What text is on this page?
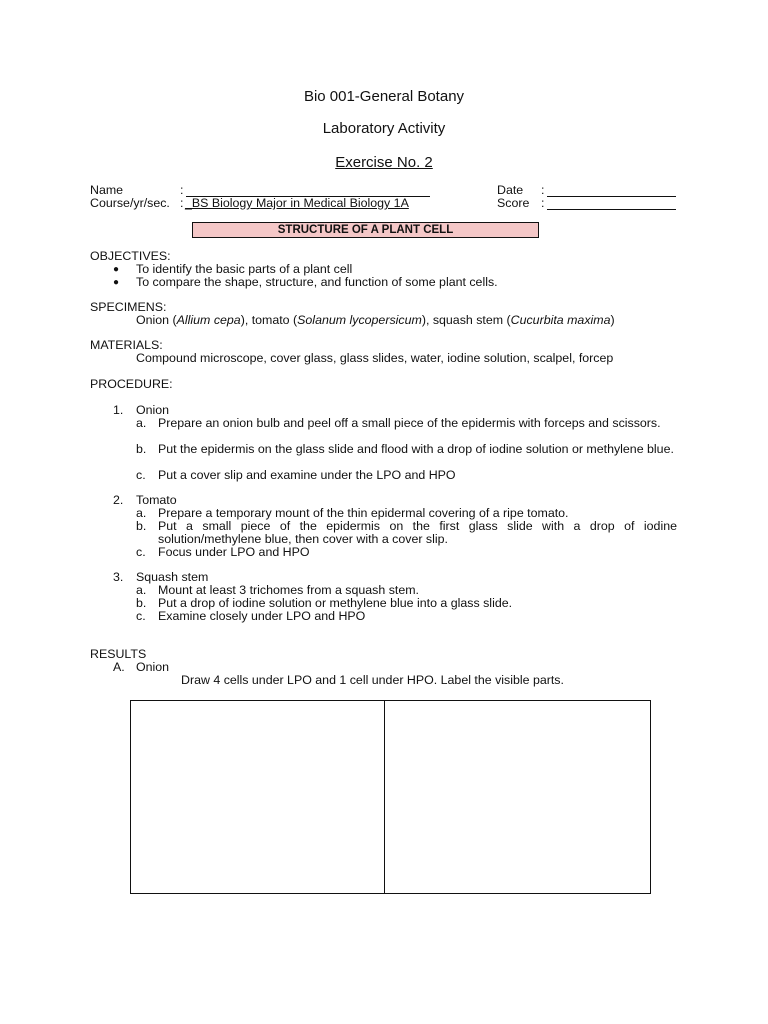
Bio 001-General Botany
Laboratory Activity
Exercise No. 2
Name	:
Course/yr/sec. : _BS Biology Major in Medical Biology 1A
Date :
Score :
STRUCTURE OF A PLANT CELL
OBJECTIVES:
● To identify the basic parts of a plant cell
● To compare the shape, structure, and function of some plant cells.
SPECIMENS:
Onion (Allium cepa), tomato (Solanum lycopersicum), squash stem (Cucurbita maxima)
MATERIALS:
Compound microscope, cover glass, glass slides, water, iodine solution, scalpel, forcep
PROCEDURE:
1. Onion
a. Prepare an onion bulb and peel off a small piece of the epidermis with forceps and scissors.
b. Put the epidermis on the glass slide and flood with a drop of iodine solution or methylene blue.
c. Put a cover slip and examine under the LPO and HPO
2. Tomato
a. Prepare a temporary mount of the thin epidermal covering of a ripe tomato.
b. Put a small piece of the epidermis on the first glass slide with a drop of iodine solution/methylene blue, then cover with a cover slip.
c. Focus under LPO and HPO
3. Squash stem
a. Mount at least 3 trichomes from a squash stem.
b. Put a drop of iodine solution or methylene blue into a glass slide.
c. Examine closely under LPO and HPO
RESULTS
A. Onion
Draw 4 cells under LPO and 1 cell under HPO. Label the visible parts.
